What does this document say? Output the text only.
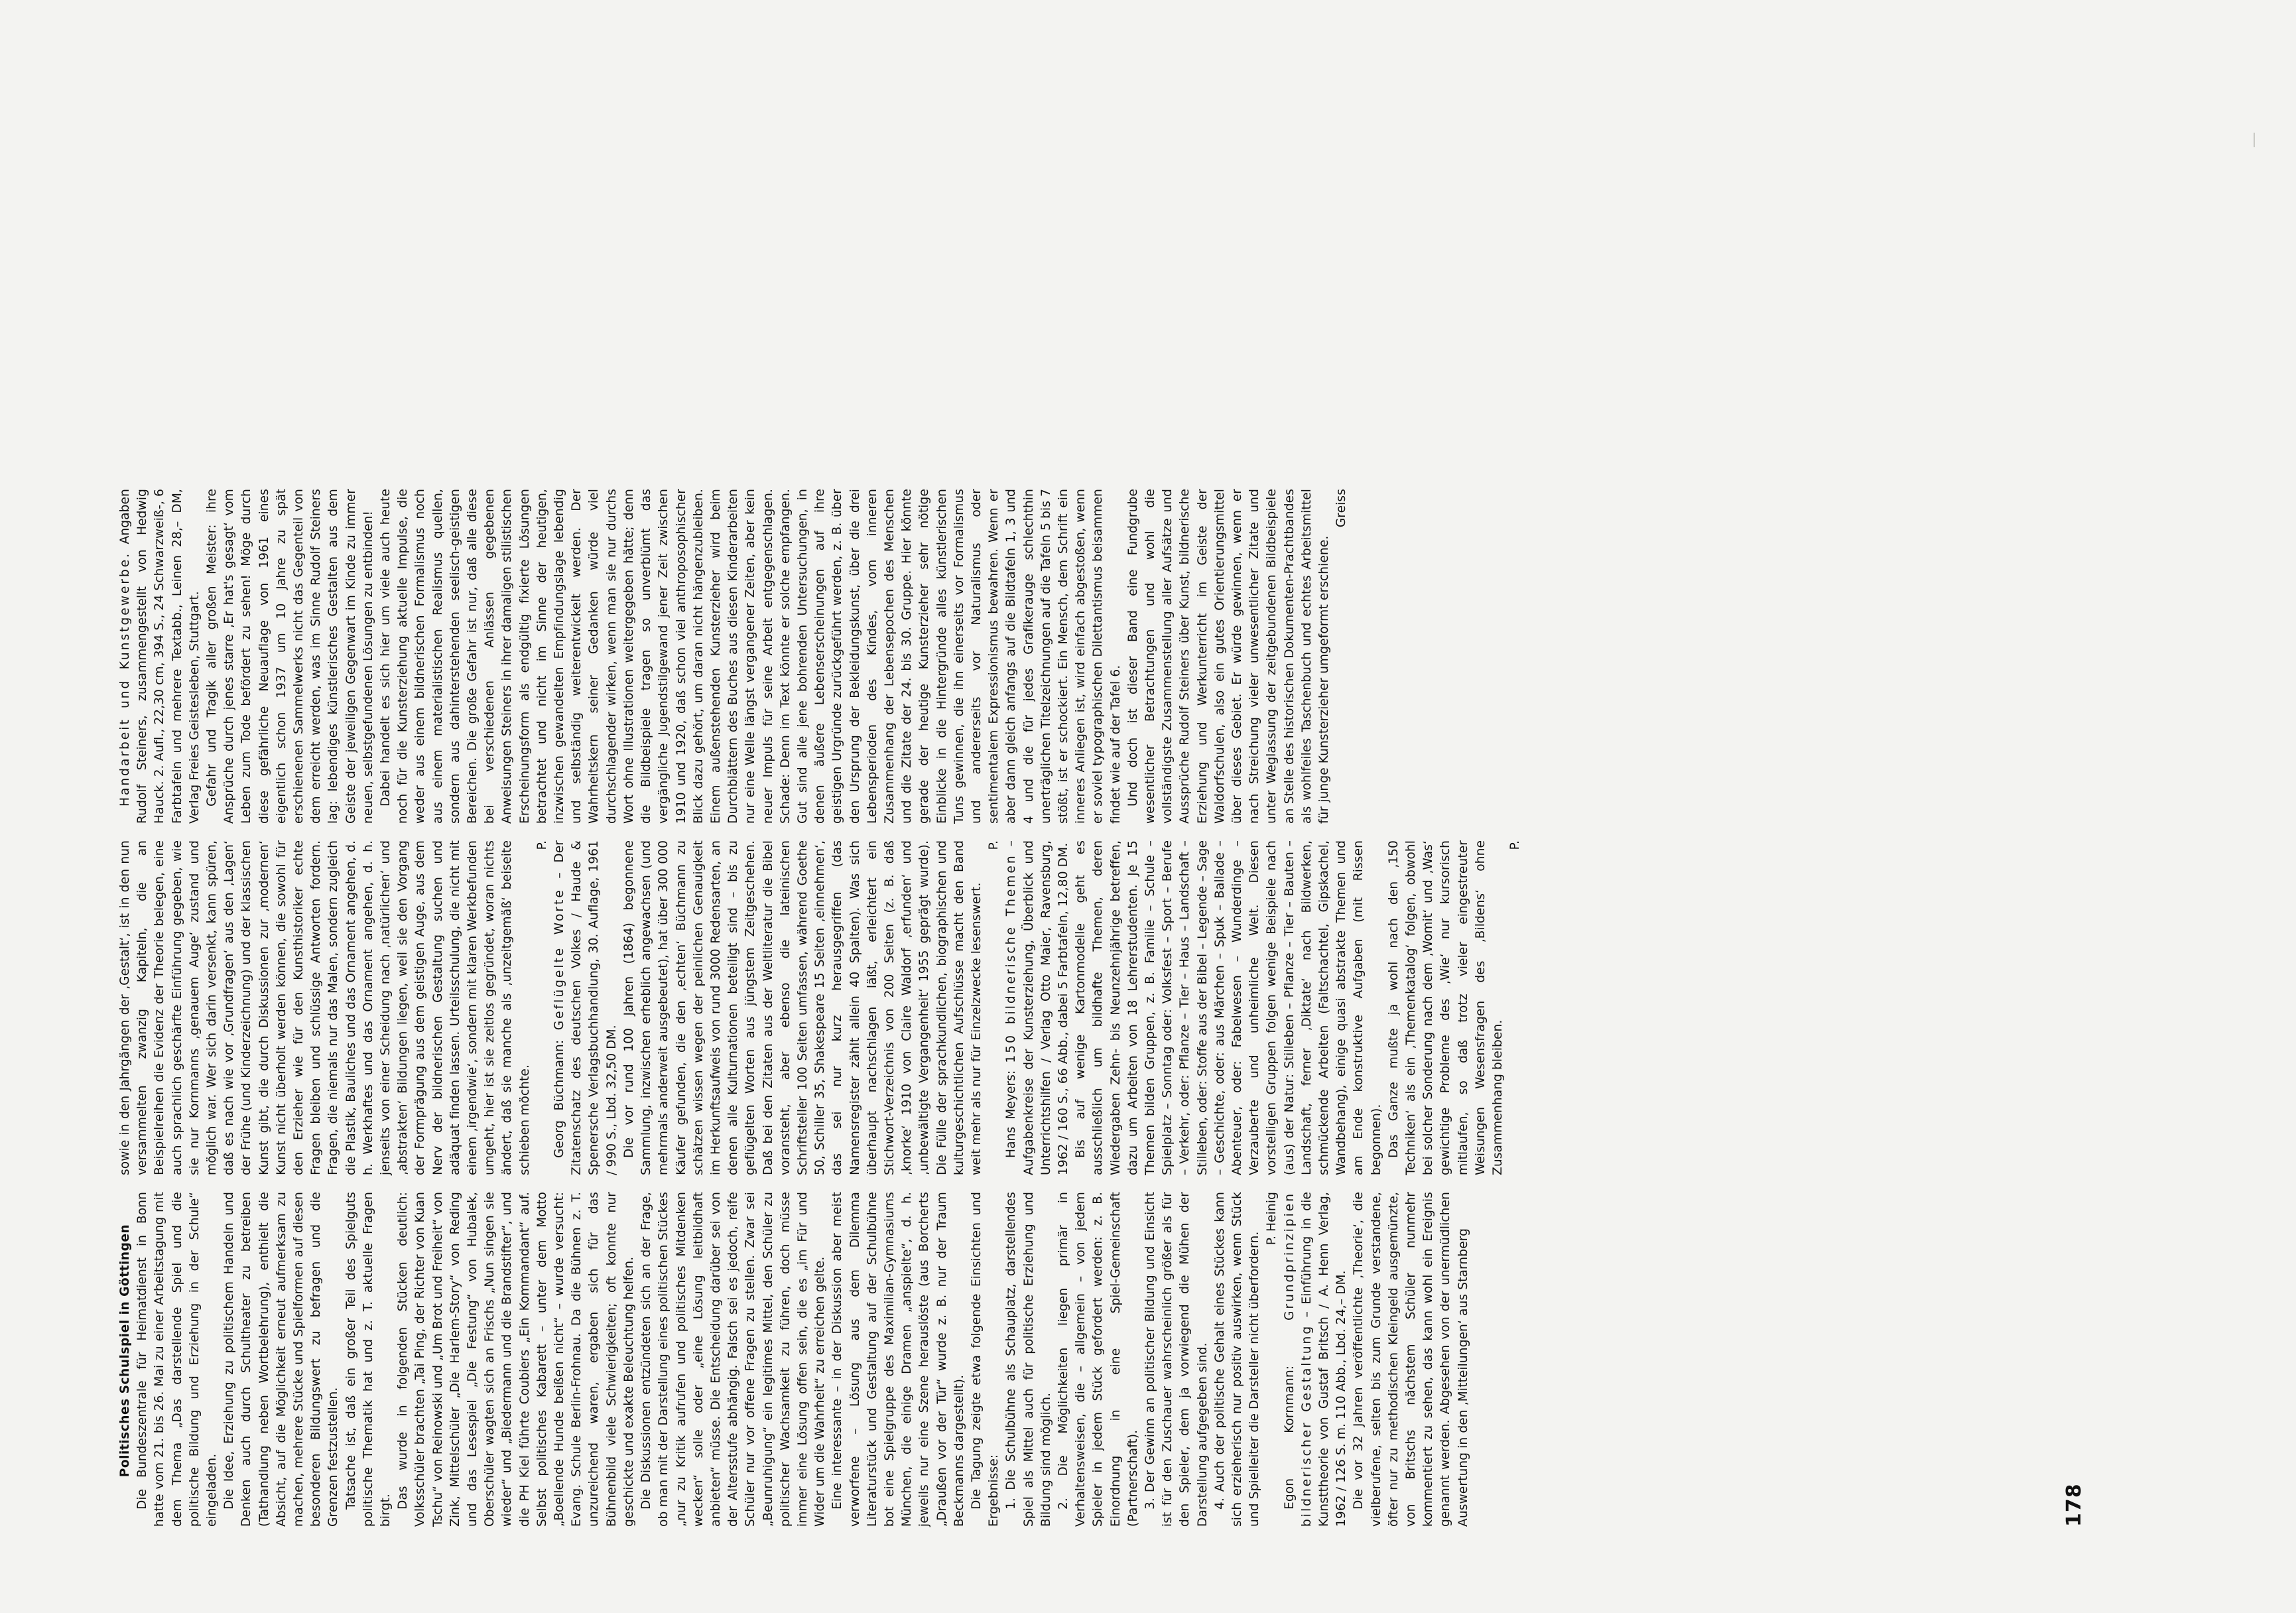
Politisches Schulspiel in Göttingen Die Bundeszentrale für Heimatdienst in Bonn hatte vom 21. bis 26. Mai zu einer Arbeitstagung mit dem Thema „Das darstellende Spiel und die politische Bildung und Erziehung in der Schule“ eingeladen. Die Idee, Erziehung zu politischem Handeln und Denken auch durch Schultheater zu betreiben (Tathandlung neben Wortbelehrung), enthielt die Absicht, auf die Möglichkeit erneut aufmerksam zu machen, mehrere Stücke und Spielformen auf diesen besonderen Bildungswert zu befragen und die Grenzen festzustellen. Tatsache ist, daß ein großer Teil des Spielguts politische Thematik hat und z. T. aktuelle Fragen birgt.

Das wurde in folgenden Stücken deutlich: Volksschüler brachten „Tai Ping, der Richter von Kuan Tschu“ von Reinowski und „Um Brot und Freiheit“ von Zink, Mittelschüler „Die Harlem-Story“ von Reding und das Lesespiel „Die Festung“ von Hubalek, Oberschüler wagten sich an Frischs „Nun singen sie wieder“ und „Biedermann und die Brandstifter“, und die PH Kiel führte Coubiers „Ein Kommandant“ auf. Selbst politisches Kabarett – unter dem Motto „Boellende Hunde beißen nicht“ – wurde versucht: Evang. Schule Berlin-Frohnau. Da die Bühnen z. T. unzureichend waren, ergaben sich für das Bühnenbild viele Schwierigkeiten; oft konnte nur geschickte und exakte Beleuchtung helfen. Die Diskussionen entzündeten sich an der Frage, ob man mit der Darstellung eines politischen Stückes „nur zu Kritik aufrufen und politisches Mitdenken wecken“ solle oder „eine Lösung leitbildhaft anbieten“ müsse. Die Entscheidung darüber sei von der Altersstufe abhängig. Falsch sei es jedoch, reife Schüler nur vor offene Fragen zu stellen. Zwar sei „Beunruhigung“ ein legitimes Mittel, den Schüler zu politischer Wachsamkeit zu führen, doch müsse immer eine Lösung offen sein, die es „im Für und Wider um die Wahrheit“ zu erreichen gelte. Eine interessante – in der Diskussion aber meist verworfene – Lösung aus dem Dilemma Literaturstück und Gestaltung auf der Schulbühne bot eine Spielgruppe des Maximilian-Gymnasiums München, die einige Dramen „anspielte“, d. h. jeweils nur eine Szene herauslöste (aus Borcherts „Draußen vor der Tür“ wurde z. B. nur der Traum Beckmanns dargestellt). Die Tagung zeigte etwa folgende Einsichten und Ergebnisse: 1. Die Schulbühne als Schauplatz, darstellendes Spiel als Mittel auch für politische Erziehung und Bildung sind möglich. 2. Die Möglichkeiten liegen primär in Verhaltensweisen, die – allgemein – von jedem Spieler in jedem Stück gefordert werden: z. B. Einordnung in eine Spiel-Gemeinschaft (Partnerschaft). 3. Der Gewinn an politischer Bildung und Einsicht ist für den Zuschauer wahrscheinlich größer als für den Spieler, dem ja vorwiegend die Mühen der Darstellung aufgegeben sind. 4. Auch der politische Gehalt eines Stückes kann sich erzieherisch nur positiv auswirken, wenn Stück und Spielleiter die Darsteller nicht überfordern.

P. Heinig

Egon Kornmann: Grundprinzipien bildnerischer Gestaltung – Einführung in die Kunsttheorie von Gustaf Britsch / A. Henn Verlag, 1962 / 126 S. m. 110 Abb., Lbd. 24,– DM. Die vor 32 Jahren veröffentlichte ‚Theorie‘, die vielberufene, selten bis zum Grunde verstandene, öfter nur zu methodischen Kleingeld ausgemünzte, von Britschs nächstem Schüler nunmehr kommentiert zu sehen, das kann wohl ein Ereignis genannt werden. Abgesehen von der unermüdlichen Auswertung in den ‚Mitteilungen‘ aus Starnberg

sowie in den Jahrgängen der ‚Gestalt‘, ist in den nun versammelten zwanzig Kapiteln, die an Beispielreihen die Evidenz der Theorie belegen, eine auch sprachlich geschärfte Einführung gegeben, wie sie nur Kornmanns ‚genauem Auge‘ zustand und möglich war. Wer sich darin versenkt, kann spüren, daß es nach wie vor ‚Grundfragen‘ aus den ‚Lagen‘ der Frühe (und Kinderzeichnung) und der klassischen Kunst gibt, die durch Diskussionen zur ‚modernen‘ Kunst nicht überholt werden können, die sowohl für den Erzieher wie für den Kunsthistoriker echte Fragen bleiben und schlüssige Antworten fordern. Fragen, die niemals nur das Malen, sondern zugleich die Plastik, Bauliches und das Ornament angehen, d. h. Werkhaftes und das Ornament angehen, d. h. jenseits von einer Scheidung nach ‚natürlichen‘ und ‚abstrakten‘ Bildungen liegen, weil sie den Vorgang der Formprägung aus dem geistigen Auge, aus dem Nerv der bildnerischen Gestaltung suchen und adäquat finden lassen. Urteilsschulung, die nicht mit einem ‚irgendwie‘, sondern mit klaren Werkbefunden umgeht, hier ist sie zeitlos gegründet, woran nichts ändert, daß sie manche als ‚unzeitgemäß‘ beiseite schieben möchte.

P.

Georg Büchmann: Geflügelte Worte – Der Zitatenschatz des deutschen Volkes / Haude & Spenersche Verlagsbuchhandlung, 30. Auflage, 1961 / 990 S., Lbd. 32,50 DM. Die vor rund 100 Jahren (1864) begonnene Sammlung, inzwischen erheblich angewachsen (und mehrmals anderweit ausgebeutet), hat über 300 000 Käufer gefunden, die den ‚echten‘ Büchmann zu schätzen wissen wegen der peinlichen Genauigkeit im Herkunftsaufweis von rund 3000 Redensarten, an denen alle Kulturnationen beteiligt sind – bis zu geflügelten Worten aus jüngstem Zeitgeschehen. Daß bei den Zitaten aus der Weltliteratur die Bibel voransteht, aber ebenso die lateinischen Schriftsteller 100 Seiten umfassen, während Goethe 50, Schiller 35, Shakespeare 15 Seiten ‚einnehmen‘, das sei nur kurz herausgegriffen (das Namensregister zählt allein 40 Spalten). Was sich überhaupt nachschlagen läßt, erleichtert ein Stichwort-Verzeichnis von 200 Seiten (z. B. daß ‚knorke‘ 1910 von Claire Waldorf ‚erfunden‘ und ‚unbewältigte Vergangenheit‘ 1955 geprägt wurde). Die Fülle der sprachkundlichen, biographischen und kulturgeschichtlichen Aufschlüsse macht den Band weit mehr als nur für Einzelzwecke lesenswert.

P.

Hans Meyers: 150 bildnerische Themen – Aufgabenkreise der Kunsterziehung, Überblick und Unterrichtshilfen / Verlag Otto Maier, Ravensburg, 1962 / 160 S., 66 Abb., dabei 5 Farbtafeln, 12,80 DM. Bis auf wenige Kartonmodelle geht es ausschließlich um bildhafte Themen, deren Wiedergaben Zehn- bis Neunzehnjährige betreffen, dazu um Arbeiten von 18 Lehrerstudenten. Je 15 Themen bilden Gruppen, z. B. Familie – Schule – Spielplatz – Sonntag oder: Volksfest – Sport – Berufe – Verkehr, oder: Pflanze – Tier – Haus – Landschaft – Stilleben, oder: Stoffe aus der Bibel – Legende – Sage – Geschichte, oder: aus Märchen – Spuk – Ballade – Abenteuer, oder: Fabelwesen – Wunderdinge – Verzauberte und unheimliche Welt. Diesen vorstelligen Gruppen folgen wenige Beispiele nach (aus) der Natur: Stilleben – Pflanze – Tier – Bauten – Landschaft, ferner ‚Diktate‘ nach Bildwerken, schmückende Arbeiten (Faltschachtel, Gipskachel, Wandbehang), einige quasi abstrakte Themen und am Ende konstruktive Aufgaben (mit Rissen begonnen). Das Ganze mußte ja wohl nach den ‚150 Techniken‘ als ein ‚Themenkatalog‘ folgen, obwohl bei solcher Sonderung nach dem ‚Womit‘ und ‚Was‘ gewichtige Probleme des ‚Wie‘ nur kursorisch mitlaufen, so daß trotz vieler eingestreuter Weisungen Wesensfragen des ‚Bildens‘ ohne Zusammenhang bleiben.

P.

Handarbeit und Kunstgewerbe. Angaben Rudolf Steiners, zusammengestellt von Hedwig Hauck. 2. Aufl., 22,30 cm, 394 S., 24 Schwarzweiß-, 6 Farbtafeln und mehrere Textabb., Leinen 28,– DM, Verlag Freies Geistesleben, Stuttgart. Gefahr und Tragik aller großen Meister: ihre Ansprüche durch jenes starre ‚Er hat's gesagt‘ vom Leben zum Tode befördert zu sehen! Möge durch diese gefährliche Neuauflage von 1961 eines eigentlich schon 1937 um 10 Jahre zu spät erschienenen Sammelwerks nicht das Gegenteil von dem erreicht werden, was im Sinne Rudolf Steiners lag: lebendiges künstlerisches Gestalten aus dem Geiste der jeweiligen Gegenwart im Kinde zu immer neuen, selbstgefundenen Lösungen zu entbinden! Dabei handelt es sich hier um viele auch heute noch für die Kunsterziehung aktuelle Impulse, die weder aus einem bildnerischen Formalismus noch aus einem materialistischen Realismus quellen, sondern aus dahinterstehenden seelisch-geistigen Bereichen. Die große Gefahr ist nur, daß alle diese bei verschiedenen Anlässen gegebenen Anweisungen Steiners in ihrer damaligen stilistischen Erscheinungsform als endgültig fixierte Lösungen betrachtet und nicht im Sinne der heutigen, inzwischen gewandelten Empfindungslage lebendig und selbständig weiterentwickelt werden. Der Wahrheitskern seiner Gedanken würde viel durchschlagender wirken, wenn man sie nur durchs Wort ohne Illustrationen weitergegeben hätte; denn die Bildbeispiele tragen so unverblümt das vergängliche Jugendstilgewand jener Zeit zwischen 1910 und 1920, daß schon viel anthroposophischer Blick dazu gehört, um daran nicht hängenzubleiben. Einem außenstehenden Kunsterzieher wird beim Durchblättern des Buches aus diesen Kinderarbeiten nur eine Welle längst vergangener Zeiten, aber kein neuer Impuls für seine Arbeit entgegenschlagen. Schade: Denn im Text könnte er solche empfangen. Gut sind alle jene bohrenden Untersuchungen, in denen äußere Lebenserscheinungen auf ihre geistigen Urgründe zurückgeführt werden, z. B. über den Ursprung der Bekleidungskunst, über die drei Lebensperioden des Kindes, vom inneren Zusammenhang der Lebensepochen des Menschen und die Zitate der 24. bis 30. Gruppe. Hier könnte gerade der heutige Kunsterzieher sehr nötige Einblicke in die Hintergründe alles künstlerischen Tuns gewinnen, die ihn einerseits vor Formalismus und andererseits vor Naturalismus oder sentimentalem Expressionismus bewahren. Wenn er aber dann gleich anfangs auf die Bildtafeln 1, 3 und 4 und die für jedes Grafikerauge schlechthin unerträglichen Titelzeichnungen auf die Tafeln 5 bis 7 stößt, ist er schockiert. Ein Mensch, dem Schrift ein inneres Anliegen ist, wird einfach abgestoßen, wenn er soviel typographischen Dilettantismus beisammen findet wie auf der Tafel 6. Und doch ist dieser Band eine Fundgrube wesentlicher Betrachtungen und wohl die vollständigste Zusammenstellung aller Aufsätze und Aussprüche Rudolf Steiners über Kunst, bildnerische Erziehung und Werkunterricht im Geiste der Waldorfschulen, also ein gutes Orientierungsmittel über dieses Gebiet. Er würde gewinnen, wenn er nach Streichung vieler unwesentlicher Zitate und unter Weglassung der zeitgebundenen Bildbeispiele an Stelle des historischen Dokumenten-Prachtbandes als wohlfeiles Taschenbuch und echtes Arbeitsmittel für junge Kunsterzieher umgeformt erschiene.

Greiss
178
